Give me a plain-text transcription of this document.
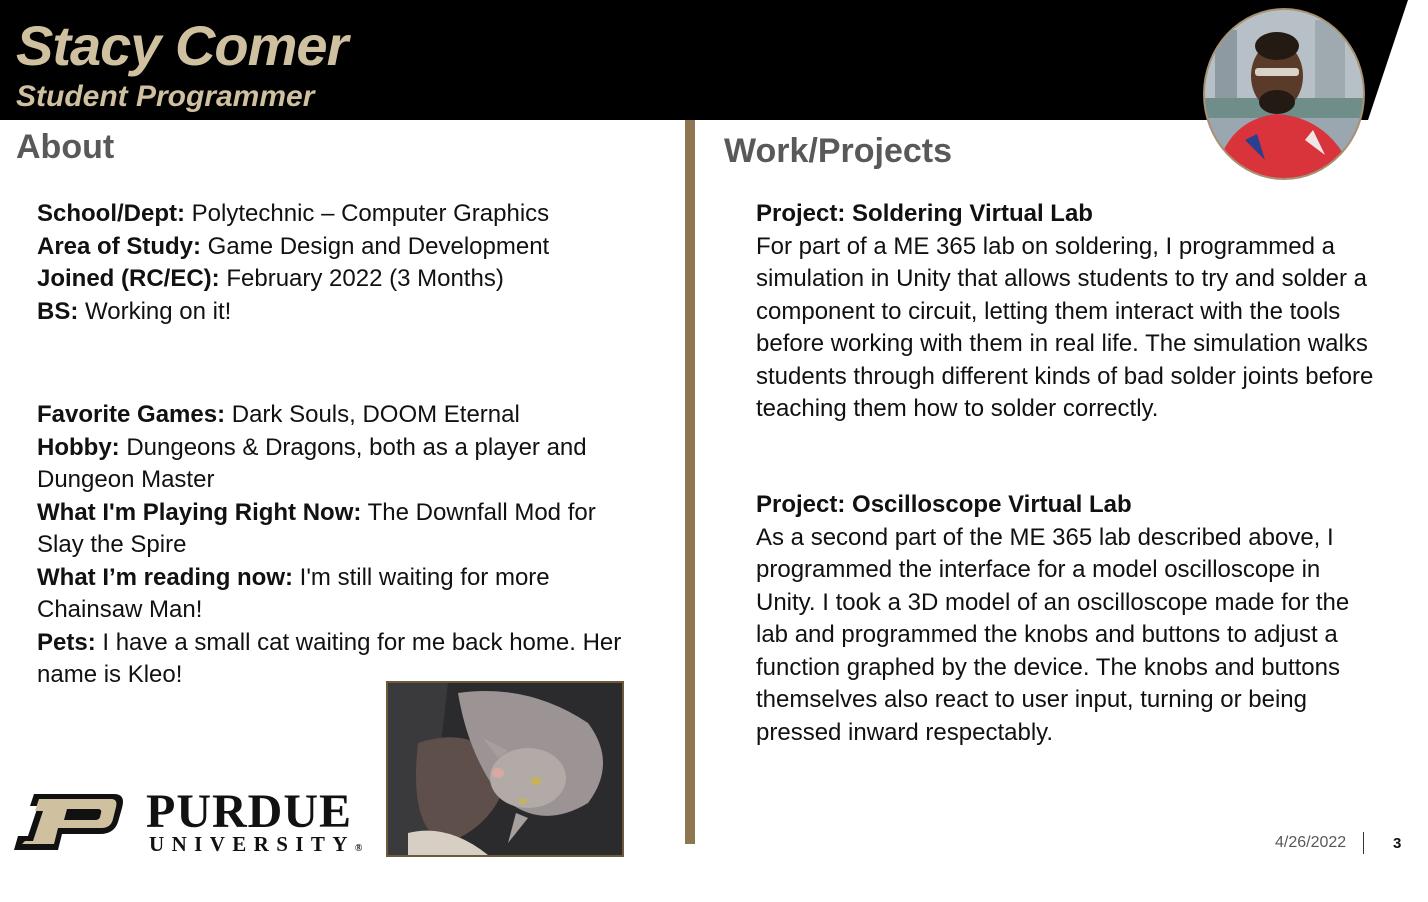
Stacy Comer
Student Programmer
About	Work/Projects
School/Dept: Polytechnic – Computer Graphics
Area of Study: Game Design and Development
Joined (RC/EC): February 2022 (3 Months)
BS: Working on it!
Favorite Games: Dark Souls, DOOM Eternal
Hobby: Dungeons & Dragons, both as a player and Dungeon Master
What I'm Playing Right Now: The Downfall Mod for Slay the Spire
What I’m reading now: I'm still waiting for more Chainsaw Man!
Pets: I have a small cat waiting for me back home. Her name is Kleo!
Project: Soldering Virtual Lab
For part of a ME 365 lab on soldering, I programmed a simulation in Unity that allows students to try and solder a component to circuit, letting them interact with the tools before working with them in real life. The simulation walks students through different kinds of bad solder joints before teaching them how to solder correctly.
Project: Oscilloscope Virtual Lab
As a second part of the ME 365 lab described above, I programmed the interface for a model oscilloscope in Unity. I took a 3D model of an oscilloscope made for the lab and programmed the knobs and buttons to adjust a function graphed by the device. The knobs and buttons themselves also react to user input, turning or being pressed inward respectably.
PURDUE
UNIVERSITY®	4/26/2022	3
